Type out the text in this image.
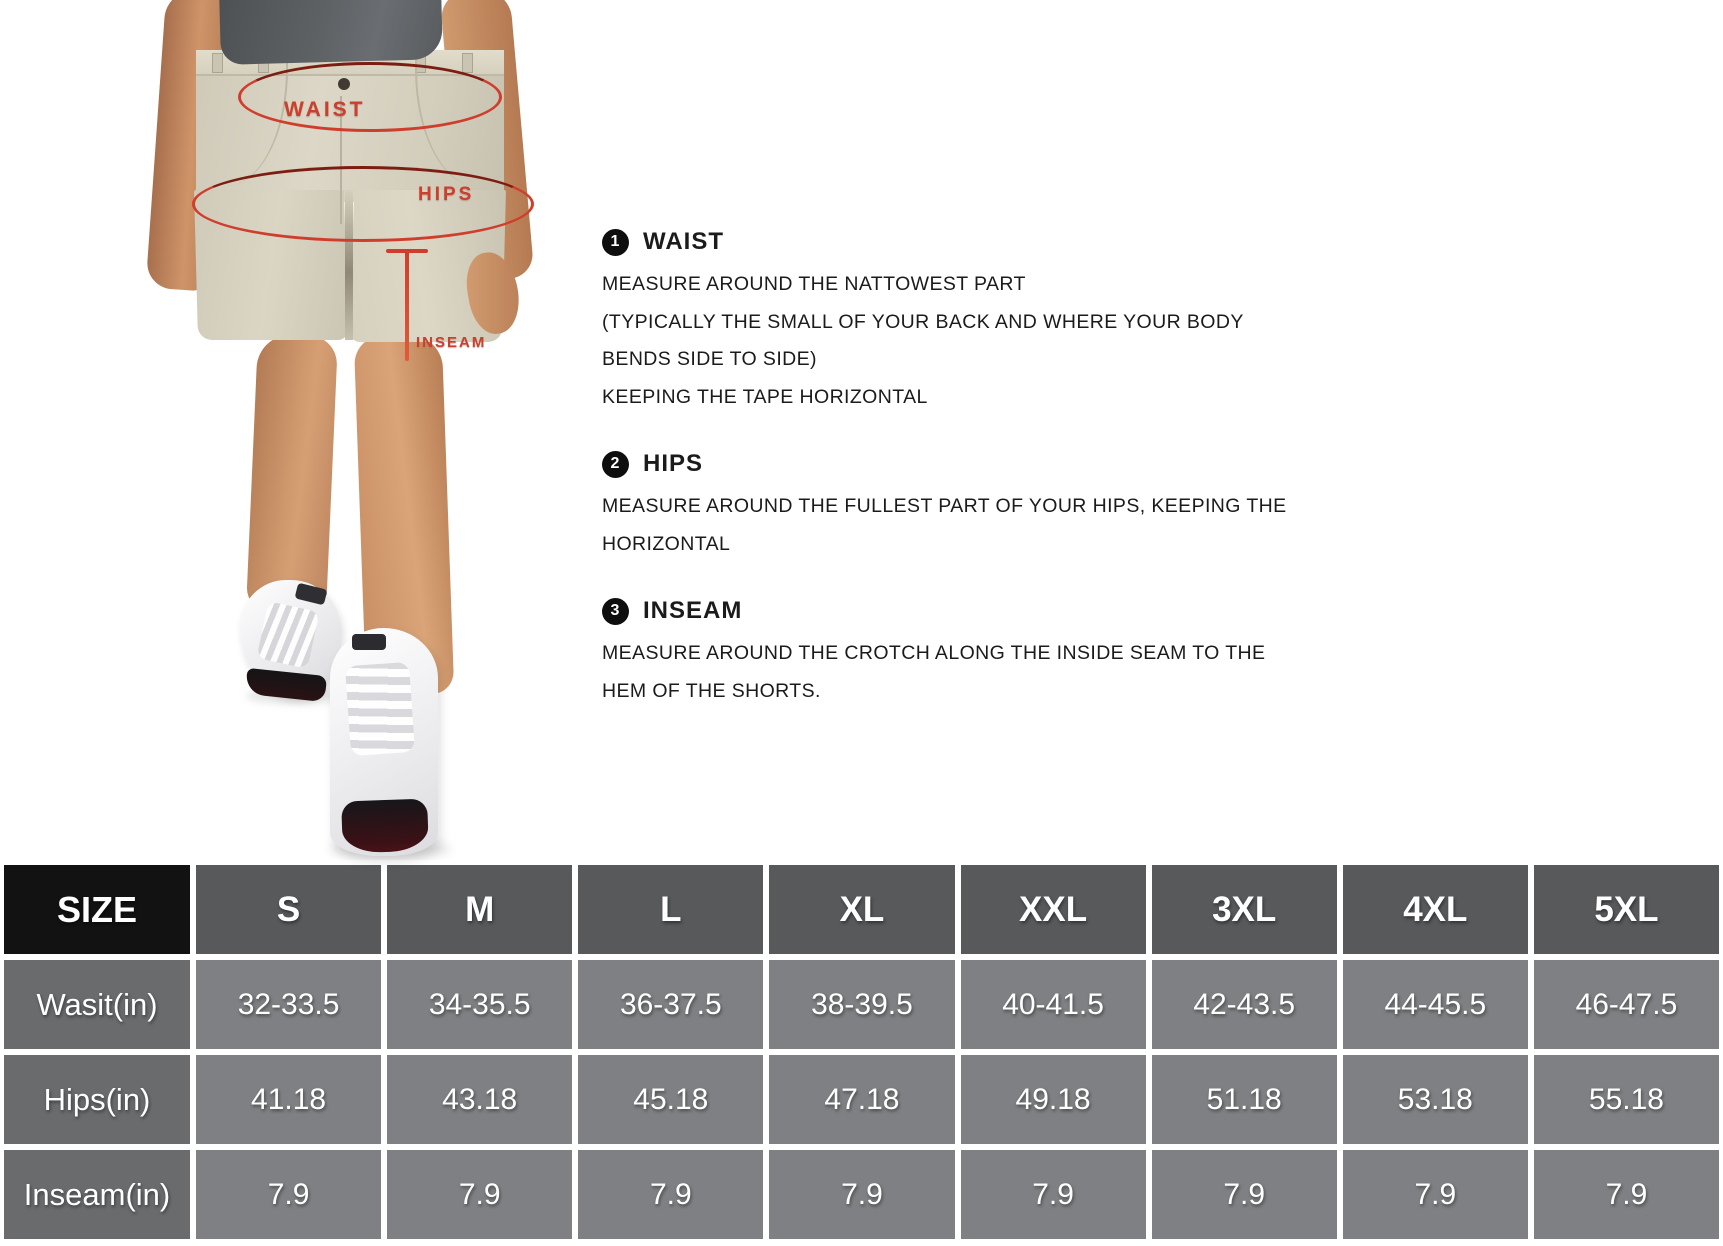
WAIST
HIPS
INSEAM
1 WAIST

MEASURE AROUND THE NATTOWEST PART
(TYPICALLY THE SMALL OF YOUR BACK AND WHERE YOUR BODY
BENDS SIDE TO SIDE)
KEEPING THE TAPE HORIZONTAL

2 HIPS

MEASURE AROUND THE FULLEST PART OF YOUR HIPS, KEEPING THE
HORIZONTAL

3 INSEAM

MEASURE AROUND THE CROTCH ALONG THE INSIDE SEAM TO THE
HEM OF THE SHORTS.

SIZE	S	M	L	XL	XXL	3XL	4XL	5XL
Wasit(in)	32-33.5	34-35.5	36-37.5	38-39.5	40-41.5	42-43.5	44-45.5	46-47.5
Hips(in)	41.18	43.18	45.18	47.18	49.18	51.18	53.18	55.18
Inseam(in)	7.9	7.9	7.9	7.9	7.9	7.9	7.9	7.9
